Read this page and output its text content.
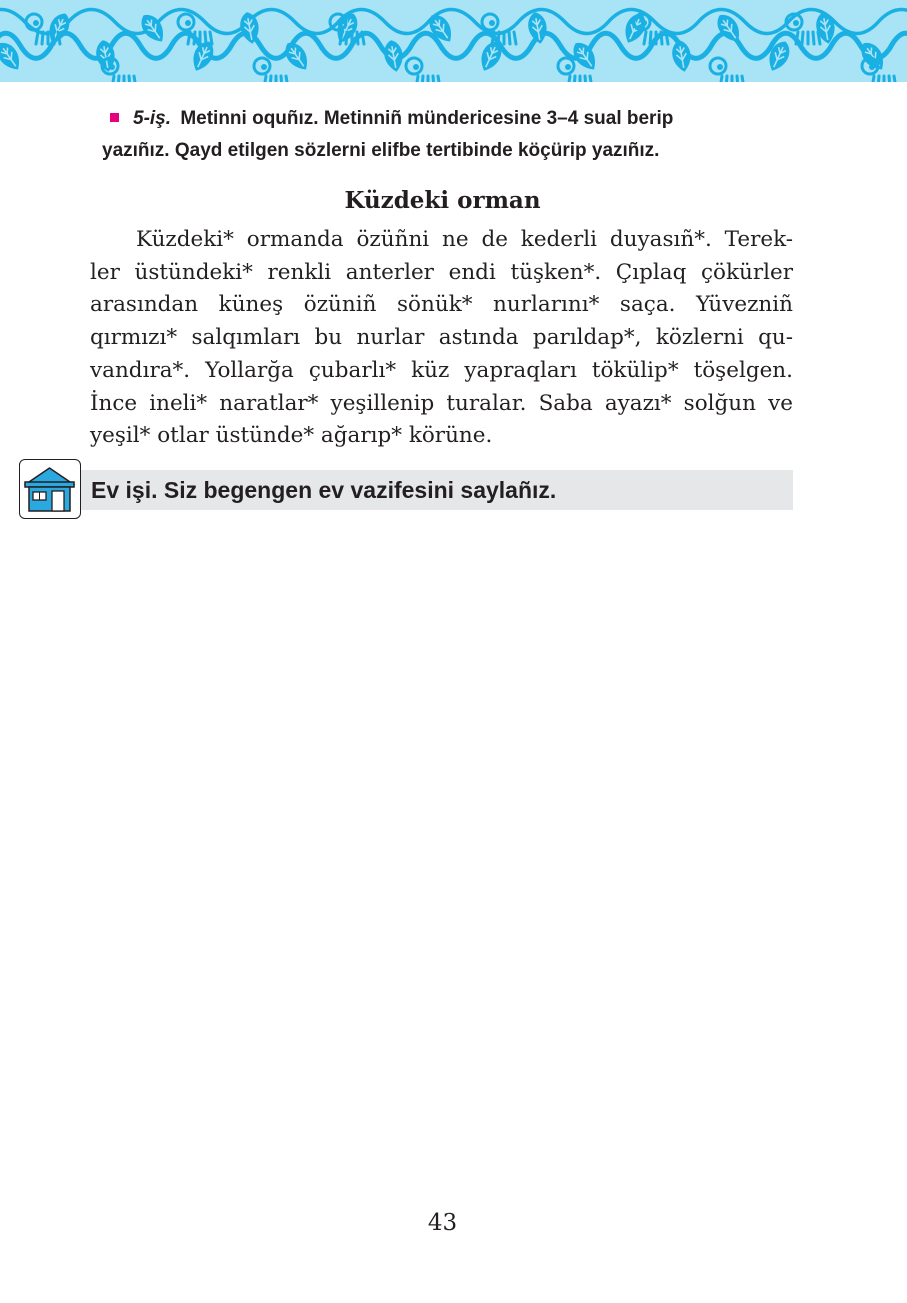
5-iş. Metinni oquñız. Metinniñ mündericesine 3–4 sual berip
yazıñız. Qayd etilgen sözlerni elifbe tertibinde köçürip yazıñız.
Küzdeki orman
Küzdeki* ormanda özüñni ne de kederli duyasıñ*. Terek-
ler üstündeki* renkli anterler endi tüşken*. Çıplaq çökürler
arasından küneş özüniñ sönük* nurlarını* saça. Yüvezniñ
qırmızı* salqımları bu nurlar astında parıldap*, közlerni qu-
vandıra*. Yollarğa çubarlı* küz yapraqları tökülip* töşelgen.
İnce ineli* naratlar* yeşillenip turalar. Saba ayazı* solğun ve
yeşil* otlar üstünde* ağarıp* körüne.
Ev işi. Siz begengen ev vazifesini saylañız.
43
